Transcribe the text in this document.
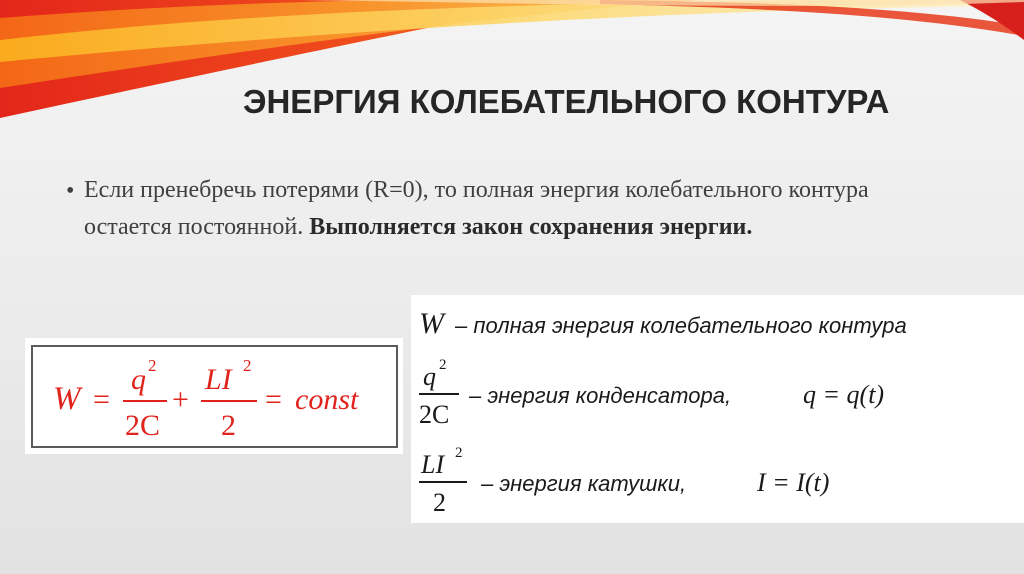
ЭНЕРГИЯ КОЛЕБАТЕЛЬНОГО КОНТУРА
• Если пренебречь потерями (R=0), то полная энергия колебательного контура остается постоянной. Выполняется закон сохранения энергии.
W =
q 2
2C
+
LI 2
2
= const
W – полная энергия колебательного контура
q 2
2C
– энергия конденсатора,	q = q(t)
LI 2
2
– энергия катушки,	I = I(t)
